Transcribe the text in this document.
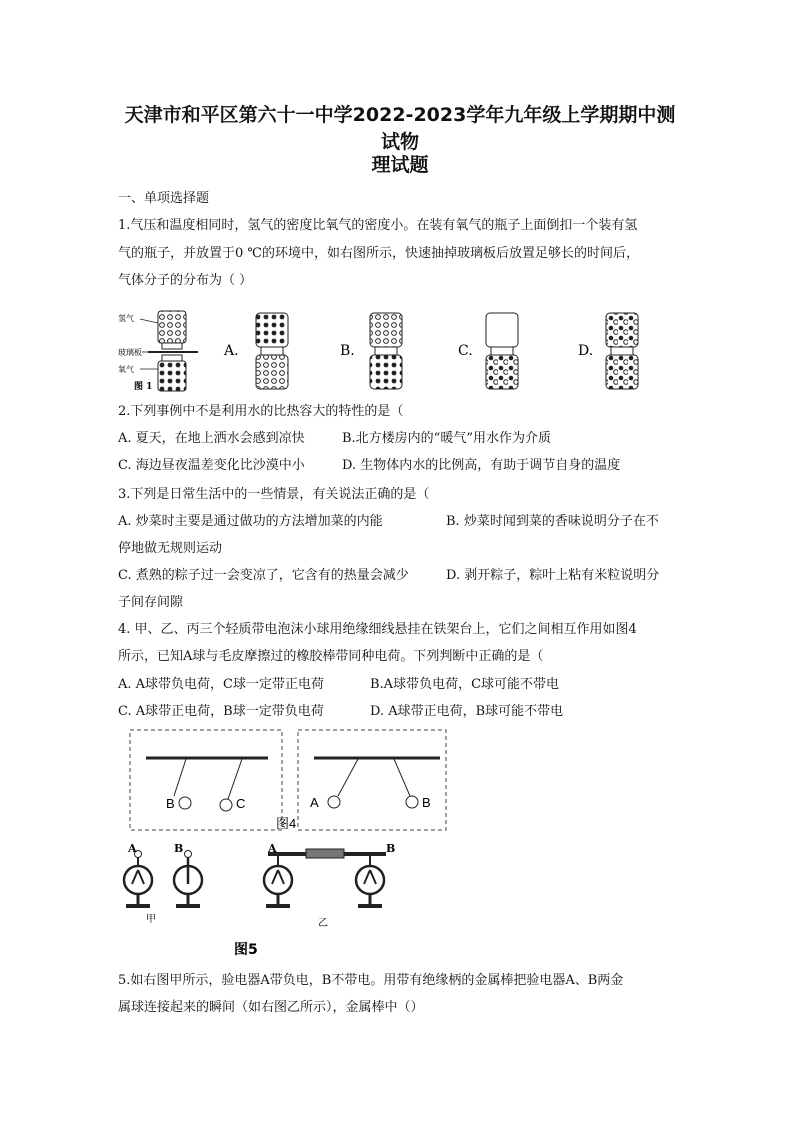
天津市和平区第六十一中学2022-2023学年九年级上学期期中测试物
理试题
一、单项选择题
1.气压和温度相同时，氢气的密度比氧气的密度小。在装有氧气的瓶子上面倒扣一个装有氢
气的瓶子，并放置于0 ℃的环境中，如右图所示，快速抽掉玻璃板后放置足够长的时间后，
气体分子的分布为（ ）
氢气
玻璃板
氧气
图 1
A.	B.	C.	D.
2.下列事例中不是利用水的比热容大的特性的是（
A. 夏天，在地上洒水会感到凉快	B.北方楼房内的“暖气”用水作为介质
C. 海边昼夜温差变化比沙漠中小	D. 生物体内水的比例高，有助于调节自身的温度
3.下列是日常生活中的一些情景，有关说法正确的是（
A. 炒菜时主要是通过做功的方法增加菜的内能	B. 炒菜时闻到菜的香味说明分子在不
停地做无规则运动
C. 煮熟的粽子过一会变凉了，它含有的热量会减少	D. 剥开粽子，粽叶上粘有米粒说明分
子间存间隙
4. 甲、乙、丙三个轻质带电泡沫小球用绝缘细线悬挂在铁架台上，它们之间相互作用如图4
所示，已知A球与毛皮摩擦过的橡胶棒带同种电荷。下列判断中正确的是（
A. A球带负电荷，C球一定带正电荷	B.A球带负电荷，C球可能不带电
C. A球带正电荷，B球一定带负电荷	D. A球带正电荷，B球可能不带电
B	C	A	B
图4
A	B
甲
A	B
乙
图5
5.如右图甲所示，验电器A带负电，B不带电。用带有绝缘柄的金属棒把验电器A、B两金
属球连接起来的瞬间（如右图乙所示），金属棒中（）
